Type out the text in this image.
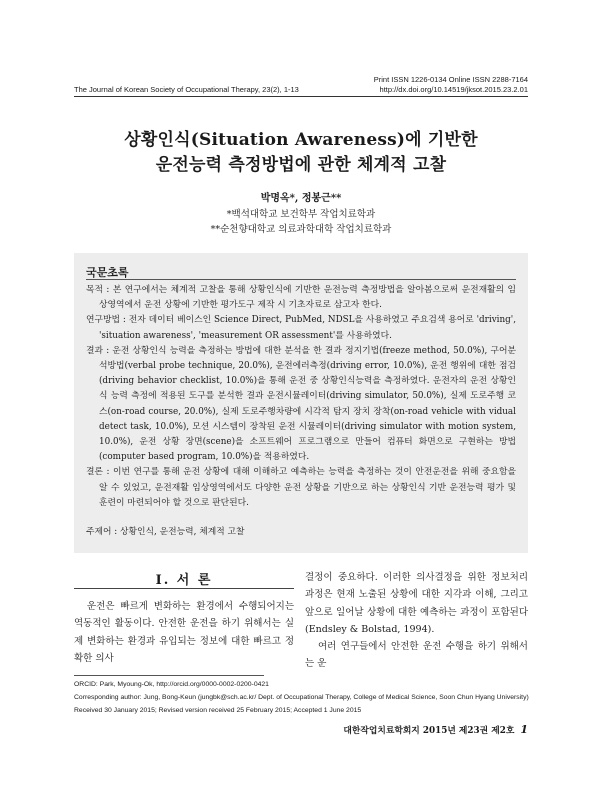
Print ISSN 1226-0134 Online ISSN 2288-7164
The Journal of Korean Society of Occupational Therapy, 23(2), 1-13	http://dx.doi.org/10.14519/jksot.2015.23.2.01
상황인식(Situation Awareness)에 기반한
운전능력 측정방법에 관한 체계적 고찰
박명옥*, 정봉근**
*백석대학교 보건학부 작업치료학과
**순천향대학교 의료과학대학 작업치료학과
국문초록
목적 : 본 연구에서는 체계적 고찰을 통해 상황인식에 기반한 운전능력 측정방법을 알아봄으로써 운전재활의 임상영역에서 운전 상황에 기반한 평가도구 제작 시 기초자료로 삼고자 한다.
연구방법 : 전자 데이터 베이스인 Science Direct, PubMed, NDSL을 사용하였고 주요검색 용어로 'driving', 'situation awareness', 'measurement OR assessment'를 사용하였다.
결과 : 운전 상황인식 능력을 측정하는 방법에 대한 분석을 한 결과 정지기법(freeze method, 50.0%), 구어분석방법(verbal probe technique, 20.0%), 운전에러측정(driving error, 10.0%), 운전 행위에 대한 점검(driving behavior checklist, 10.0%)을 통해 운전 중 상황인식능력을 측정하였다. 운전자의 운전 상황인식 능력 측정에 적용된 도구를 분석한 결과 운전시뮬레이터(driving simulator, 50.0%), 실제 도로주행 코스(on-road course, 20.0%), 실제 도로주행차량에 시각적 탐지 장치 장착(on-road vehicle with vidual detect task, 10.0%), 모션 시스템이 장착된 운전 시뮬레이터(driving simulator with motion system, 10.0%), 운전 상황 장면(scene)을 소프트웨어 프로그램으로 만들어 컴퓨터 화면으로 구현하는 방법(computer based program, 10.0%)을 적용하였다.
결론 : 이번 연구를 통해 운전 상황에 대해 이해하고 예측하는 능력을 측정하는 것이 안전운전을 위해 중요함을 알 수 있었고, 운전재활 임상영역에서도 다양한 운전 상황을 기반으로 하는 상황인식 기반 운전능력 평가 및 훈련이 마련되어야 할 것으로 판단된다.
주제어 : 상황인식, 운전능력, 체계적 고찰
Ⅰ. 서 론
운전은 빠르게 변화하는 환경에서 수행되어지는 역동적인 활동이다. 안전한 운전을 하기 위해서는 실제 변화하는 환경과 유입되는 정보에 대한 빠르고 정확한 의사

결정이 중요하다. 이러한 의사결정을 위한 정보처리 과정은 현재 노출된 상황에 대한 지각과 이해, 그리고 앞으로 일어날 상황에 대한 예측하는 과정이 포함된다(Endsley & Bolstad, 1994).

여러 연구들에서 안전한 운전 수행을 하기 위해서는 운

ORCID: Park, Myoung-Ok, http://orcid.org/0000-0002-0200-0421
Corresponding author: Jung, Bong-Keun (jungbk@sch.ac.kr/ Dept. of Occupational Therapy, College of Medical Science, Soon Chun Hyang University)
Received 30 January 2015; Revised version received 25 February 2015; Accepted 1 June 2015
대한작업치료학회지 2015년 제23권 제2호 1
